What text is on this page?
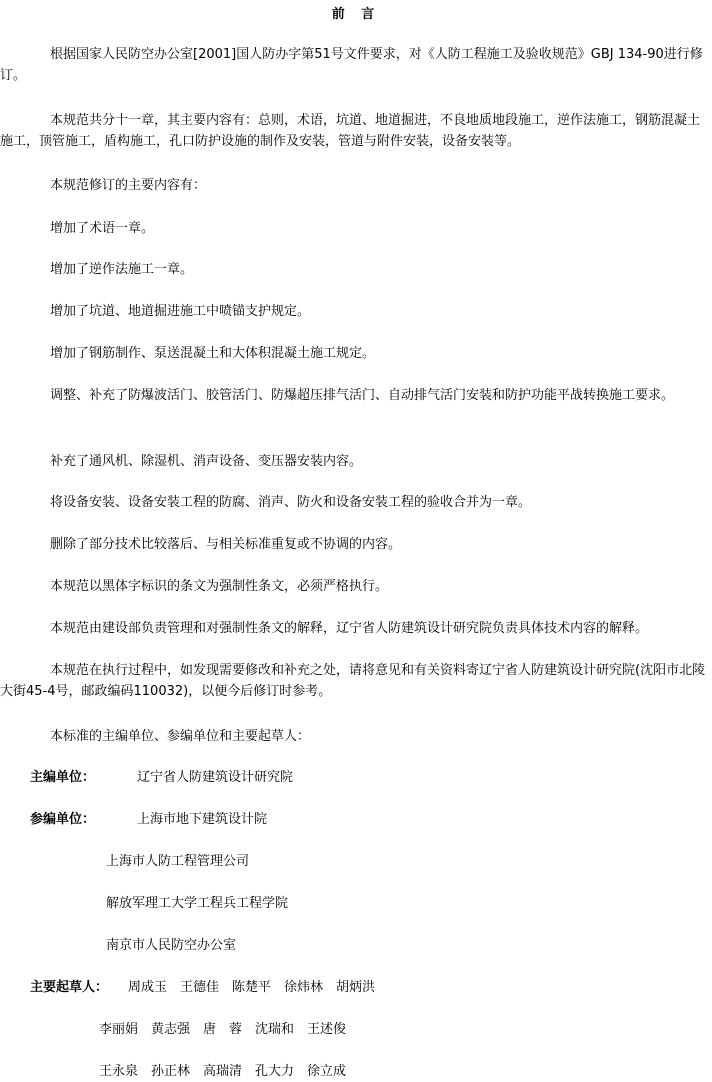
前 言
根据国家人民防空办公室[2001]国人防办字第51号文件要求，对《人防工程施工及验收规范》GBJ 134-90进行修订。
本规范共分十一章，其主要内容有：总则，术语，坑道、地道掘进，不良地质地段施工，逆作法施工，钢筋混凝土施工，顶管施工，盾构施工，孔口防护设施的制作及安装，管道与附件安装，设备安装等。
本规范修订的主要内容有：
增加了术语一章。
增加了逆作法施工一章。
增加了坑道、地道掘进施工中喷锚支护规定。
增加了钢筋制作、泵送混凝土和大体积混凝土施工规定。
调整、补充了防爆波活门、胶管活门、防爆超压排气活门、自动排气活门安装和防护功能平战转换施工要求。
补充了通风机、除湿机、消声设备、变压器安装内容。
将设备安装、设备安装工程的防腐、消声、防火和设备安装工程的验收合并为一章。
删除了部分技术比较落后、与相关标准重复或不协调的内容。
本规范以黑体字标识的条文为强制性条文，必须严格执行。
本规范由建设部负责管理和对强制性条文的解释，辽宁省人防建筑设计研究院负责具体技术内容的解释。
本规范在执行过程中，如发现需要修改和补充之处，请将意见和有关资料寄辽宁省人防建筑设计研究院(沈阳市北陵大街45-4号，邮政编码110032)，以便今后修订时参考。
本标准的主编单位、参编单位和主要起草人：
主编单位：	辽宁省人防建筑设计研究院
参编单位：	上海市地下建筑设计院
上海市人防工程管理公司
解放军理工大学工程兵工程学院
南京市人民防空办公室
主要起草人： 周成玉　王德佳　陈楚平　徐炜林　胡炳洪
李丽娟　黄志强　唐　蓉　沈瑞和　王述俊
王永泉　孙正林　高瑞清　孔大力　徐立成
